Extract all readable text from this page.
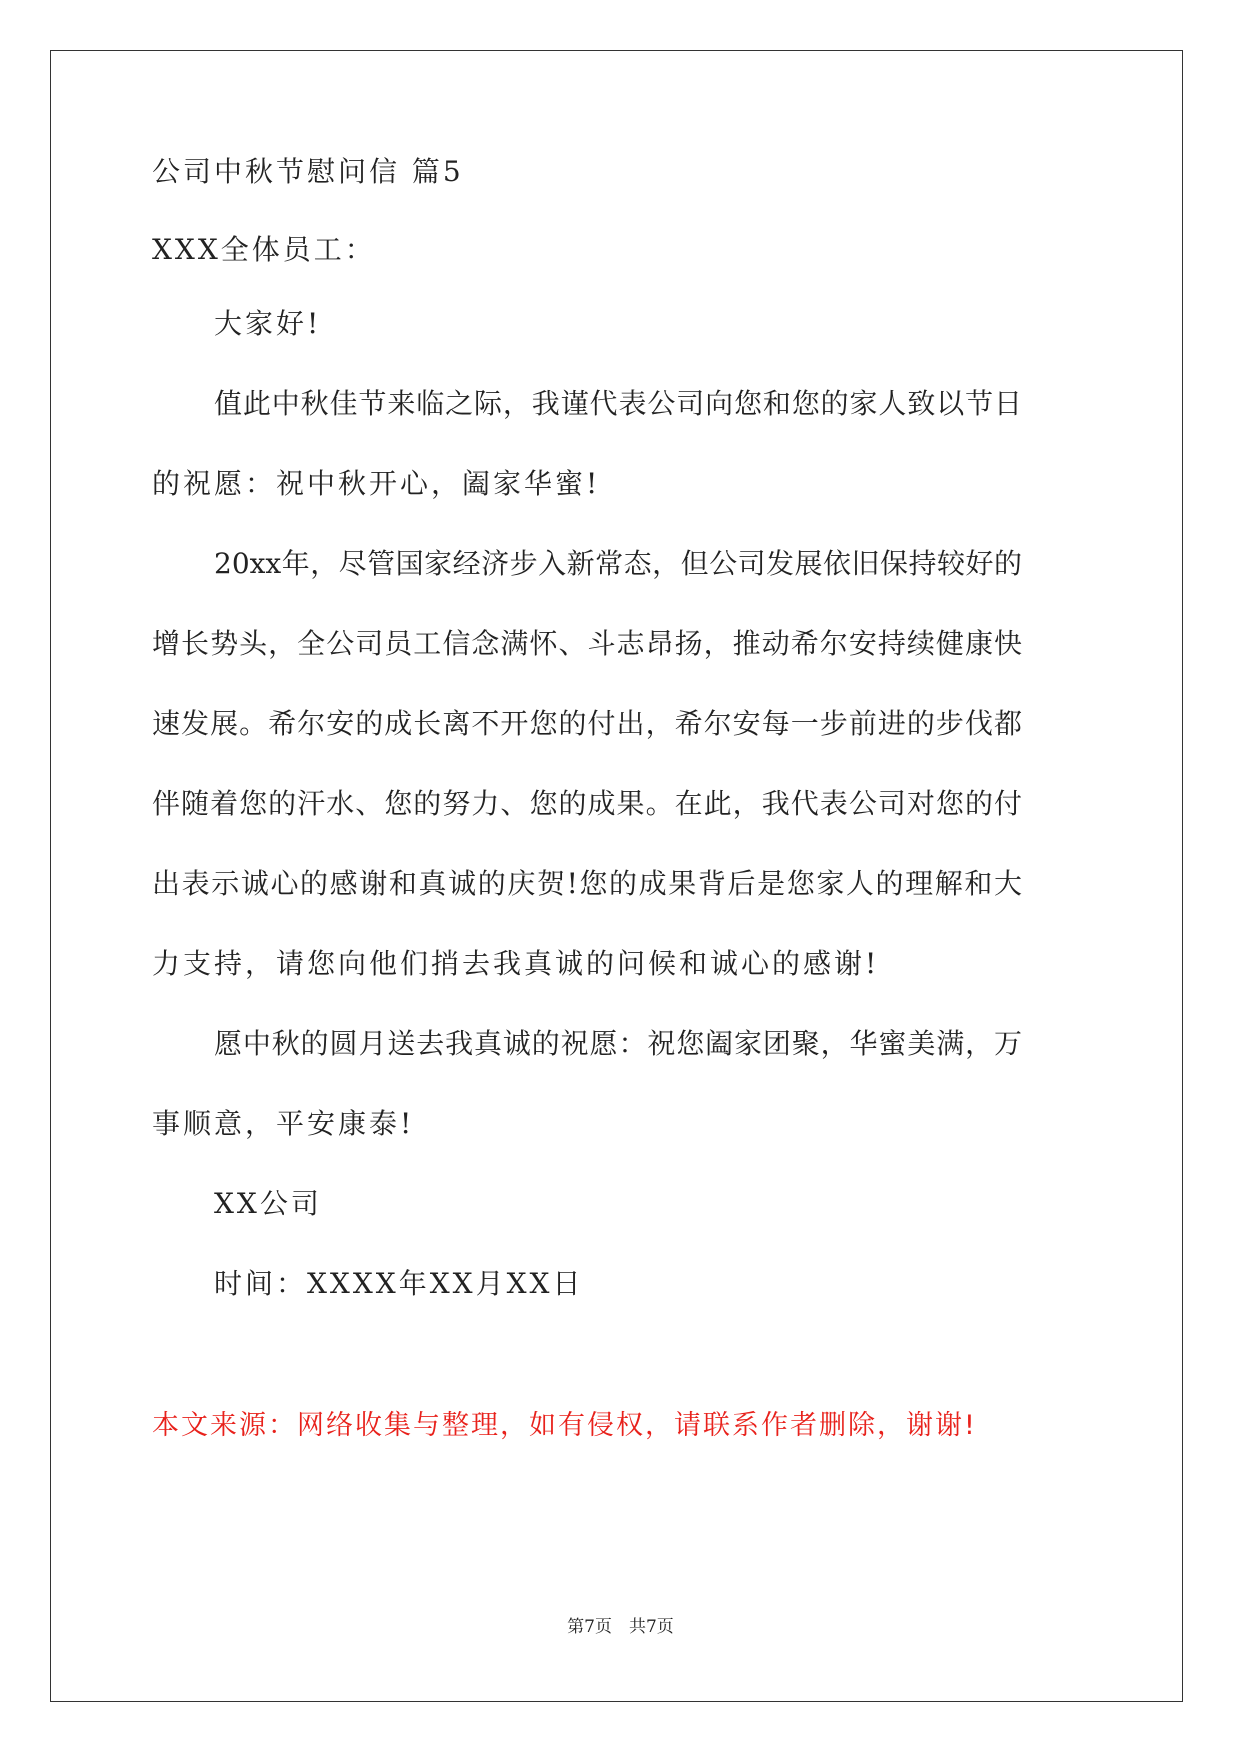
公司中秋节慰问信 篇5
XXX全体员工：
大家好!
值此中秋佳节来临之际，我谨代表公司向您和您的家人致以节日
的祝愿：祝中秋开心，阖家华蜜!
20xx年，尽管国家经济步入新常态，但公司发展依旧保持较好的
增长势头，全公司员工信念满怀、斗志昂扬，推动希尔安持续健康快
速发展。希尔安的成长离不开您的付出，希尔安每一步前进的步伐都
伴随着您的汗水、您的努力、您的成果。在此，我代表公司对您的付
出表示诚心的感谢和真诚的庆贺!您的成果背后是您家人的理解和大
力支持，请您向他们捎去我真诚的问候和诚心的感谢!
愿中秋的圆月送去我真诚的祝愿：祝您阖家团聚，华蜜美满，万
事顺意，平安康泰!
XX公司
时间：XXXX年XX月XX日
本文来源：网络收集与整理，如有侵权，请联系作者删除，谢谢!
第7页　共7页
